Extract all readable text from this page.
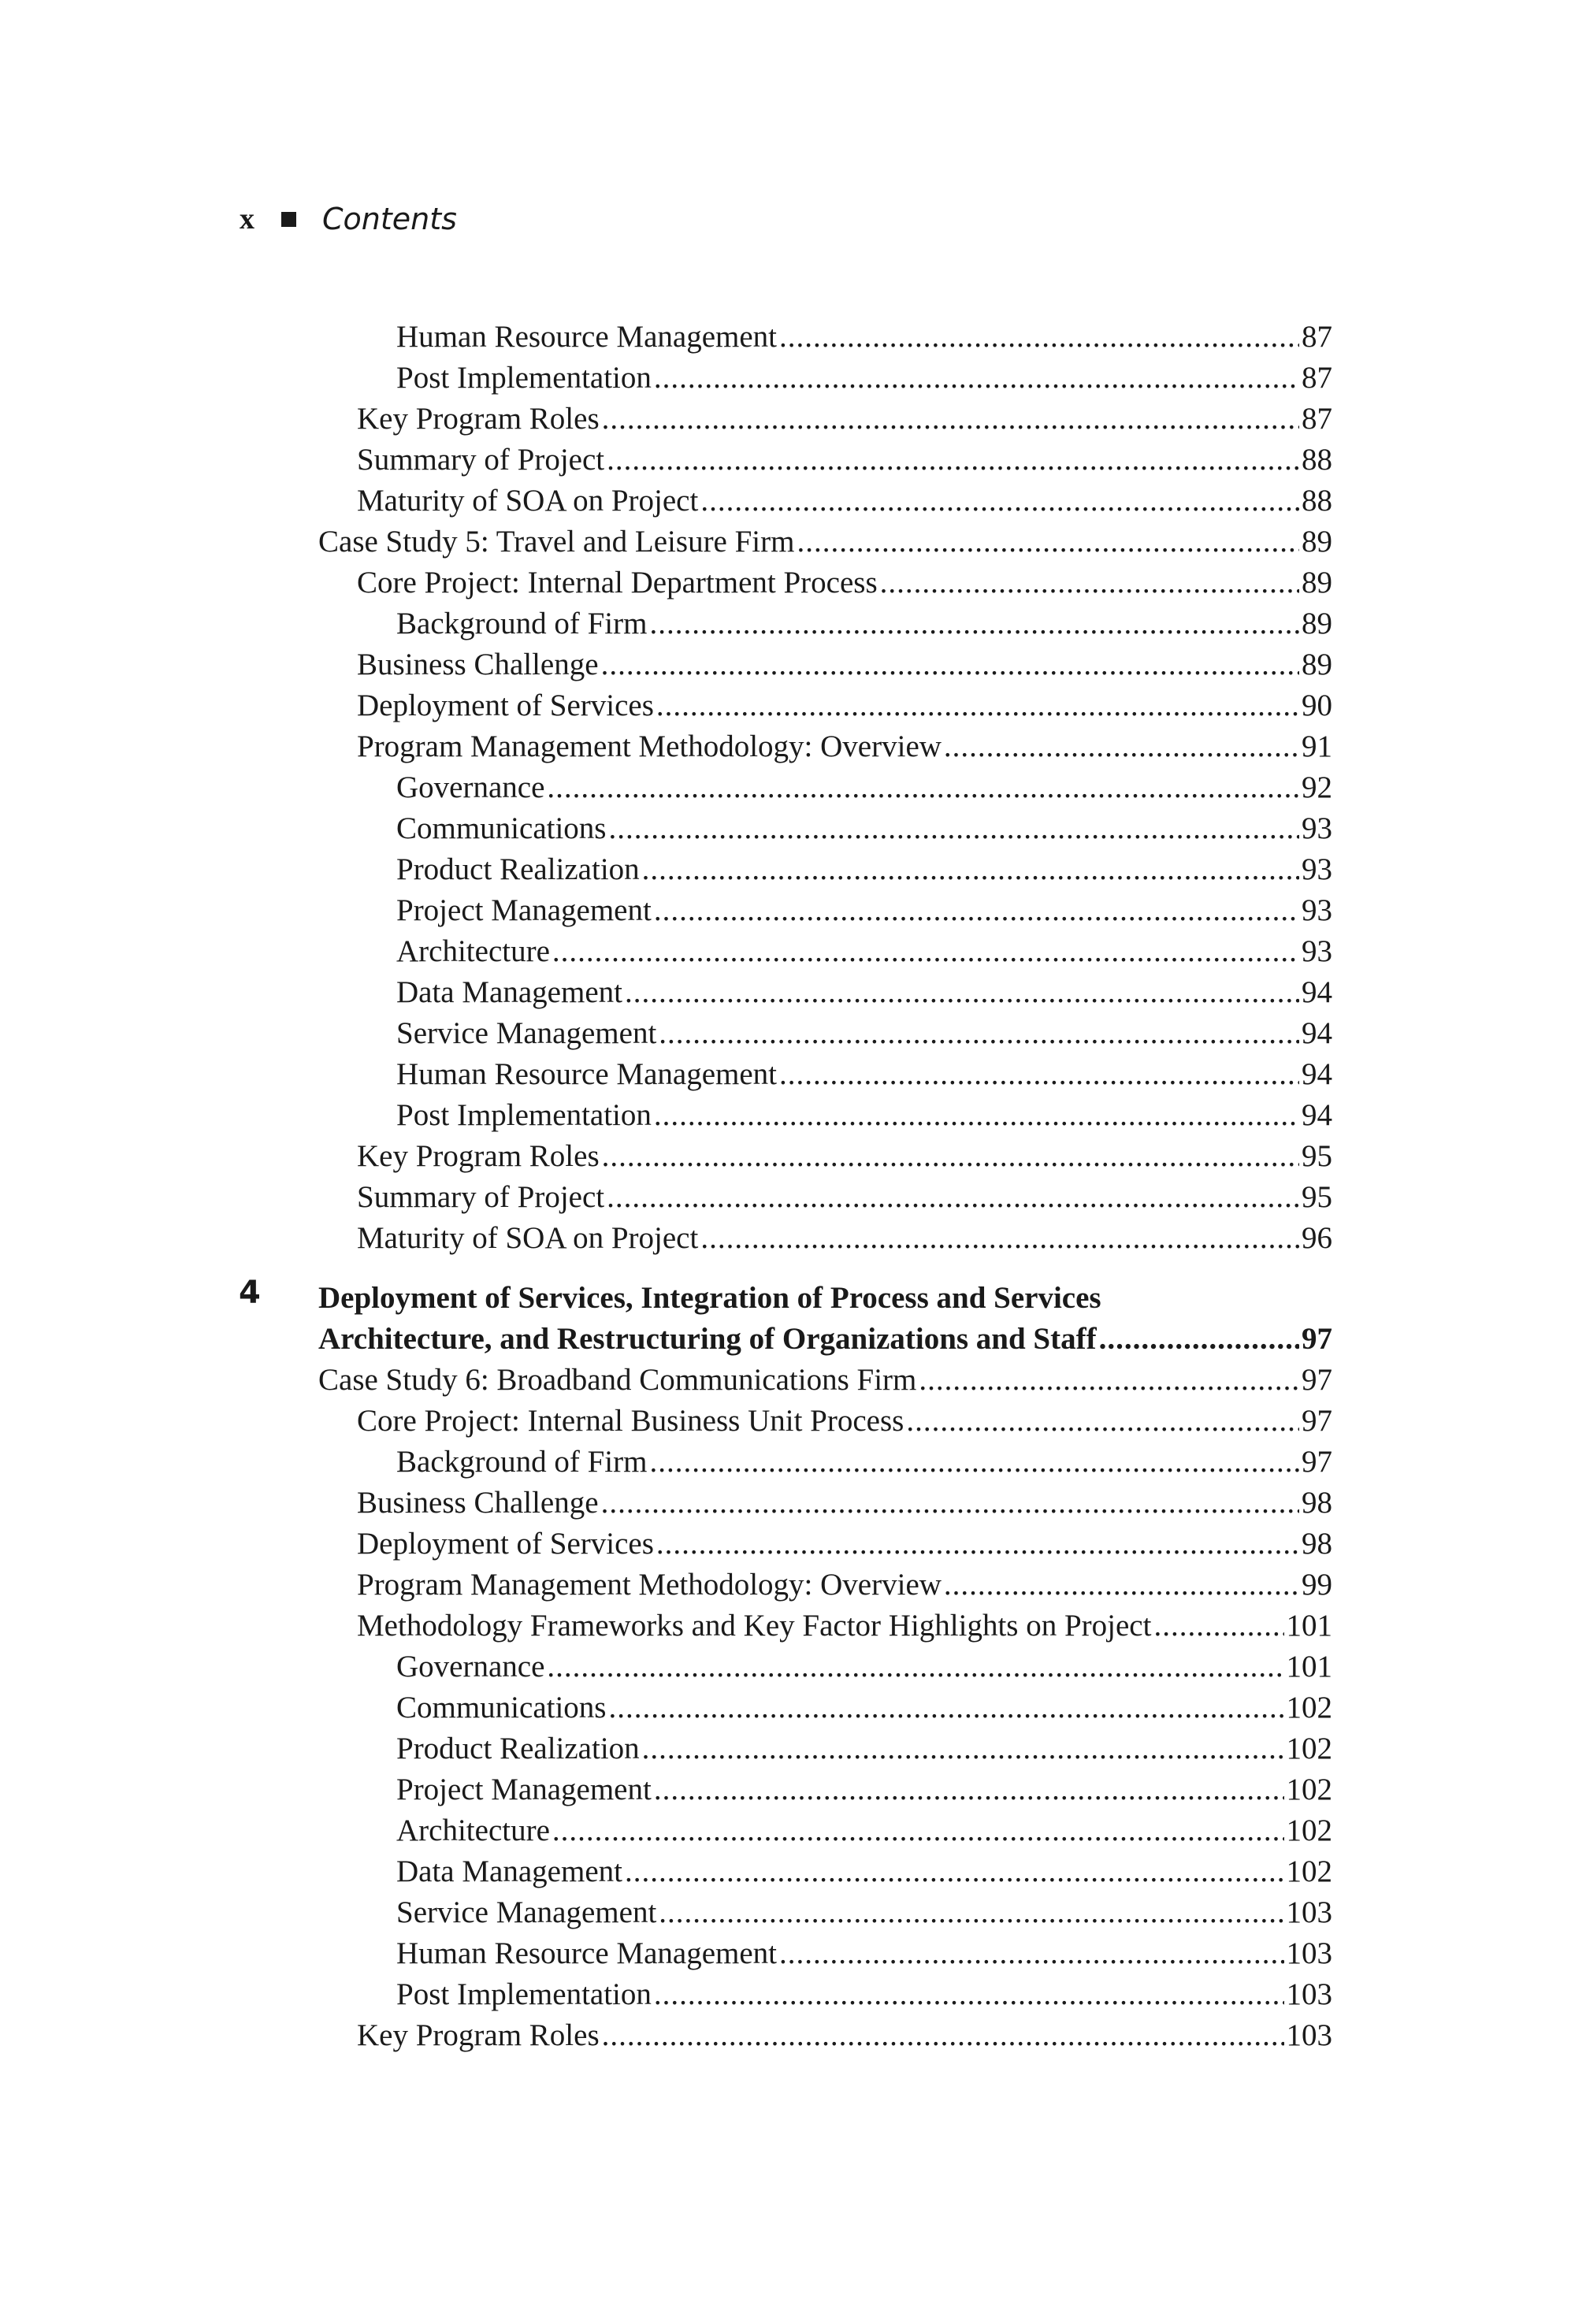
x Contents
Human Resource Management .....	87
Post Implementation .....	87
Key Program Roles .....	87
Summary of Project .....	88
Maturity of SOA on Project .....	88
Case Study 5: Travel and Leisure Firm .....	89
Core Project: Internal Department Process .....	89
Background of Firm .....	89
Business Challenge .....	89
Deployment of Services .....	90
Program Management Methodology: Overview .....	91
Governance .....	92
Communications .....	93
Product Realization .....	93
Project Management .....	93
Architecture .....	93
Data Management .....	94
Service Management .....	94
Human Resource Management .....	94
Post Implementation .....	94
Key Program Roles .....	95
Summary of Project .....	95
Maturity of SOA on Project .....	96
4 Deployment of Services, Integration of Process and Services
Architecture, and Restructuring of Organizations and Staff .....	97
Case Study 6: Broadband Communications Firm .....	97
Core Project: Internal Business Unit Process .....	97
Background of Firm .....	97
Business Challenge .....	98
Deployment of Services .....	98
Program Management Methodology: Overview .....	99
Methodology Frameworks and Key Factor Highlights on Project .....	101
Governance .....	101
Communications .....	102
Product Realization .....	102
Project Management .....	102
Architecture .....	102
Data Management .....	102
Service Management .....	103
Human Resource Management .....	103
Post Implementation .....	103
Key Program Roles .....	103
